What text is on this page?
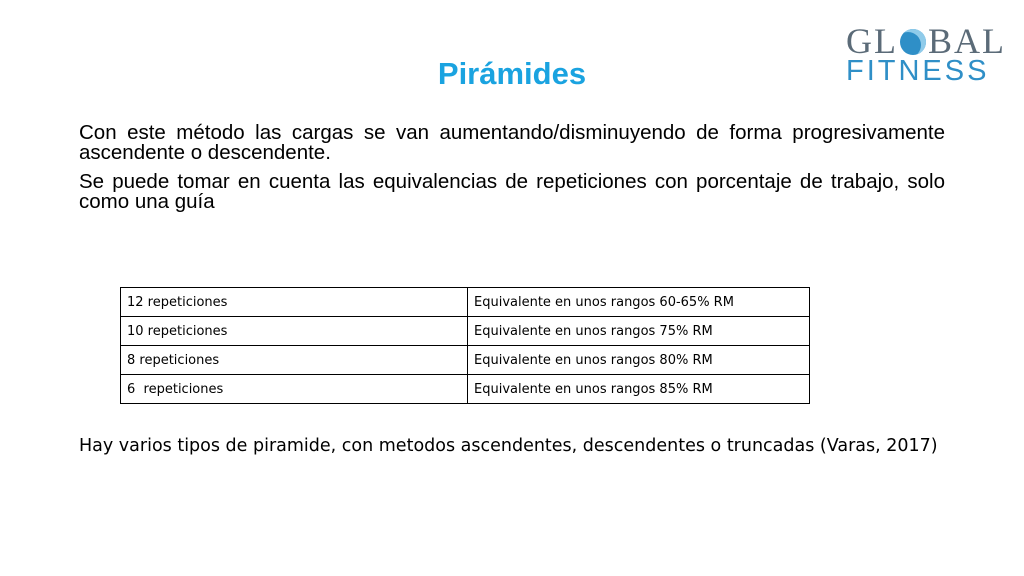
GL BAL
FITNESS
Pirámides
Con este método las cargas se van aumentando/disminuyendo de forma progresivamente ascendente o descendente.
Se puede tomar en cuenta las equivalencias de repeticiones con porcentaje de trabajo, solo como una guía
12 repeticiones	Equivalente en unos rangos 60-65% RM
10 repeticiones	Equivalente en unos rangos 75% RM
8 repeticiones	Equivalente en unos rangos 80% RM
6  repeticiones	Equivalente en unos rangos 85% RM
Hay varios tipos de piramide, con metodos ascendentes, descendentes o truncadas (Varas, 2017)
